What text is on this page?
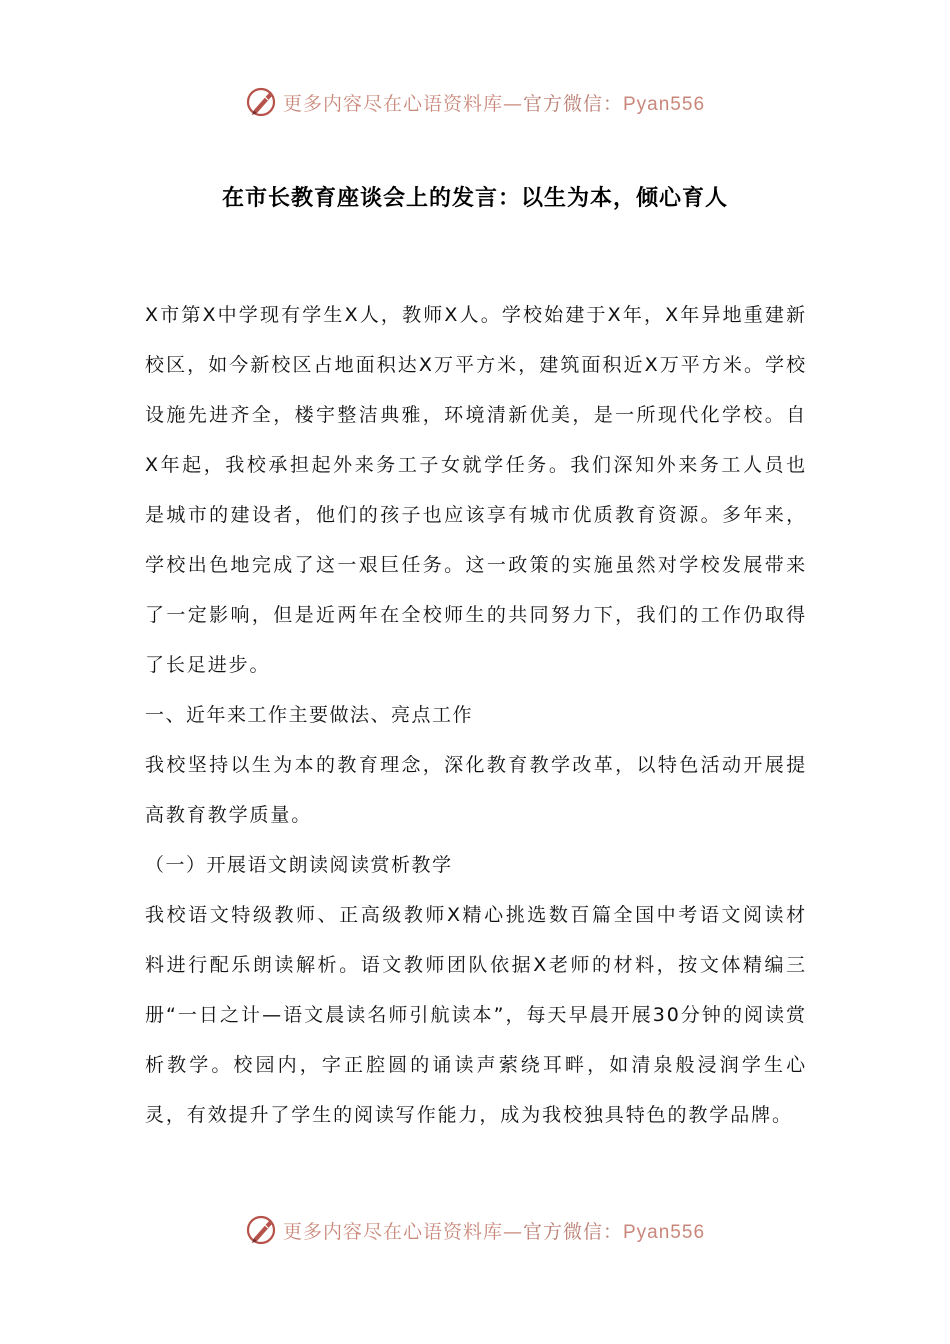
更多内容尽在心语资料库—官方微信：Pyan556
在市长教育座谈会上的发言：以生为本，倾心育人

X市第X中学现有学生X人，教师X人。学校始建于X年，X年异地重建新校区，如今新校区占地面积达X万平方米，建筑面积近X万平方米。学校设施先进齐全，楼宇整洁典雅，环境清新优美，是一所现代化学校。自X年起，我校承担起外来务工子女就学任务。我们深知外来务工人员也是城市的建设者，他们的孩子也应该享有城市优质教育资源。多年来，学校出色地完成了这一艰巨任务。这一政策的实施虽然对学校发展带来了一定影响，但是近两年在全校师生的共同努力下，我们的工作仍取得了长足进步。

一、近年来工作主要做法、亮点工作

我校坚持以生为本的教育理念，深化教育教学改革，以特色活动开展提高教育教学质量。

（一）开展语文朗读阅读赏析教学

我校语文特级教师、正高级教师X精心挑选数百篇全国中考语文阅读材料进行配乐朗读解析。语文教师团队依据X老师的材料，按文体精编三册“一日之计—语文晨读名师引航读本”，每天早晨开展30分钟的阅读赏析教学。校园内，字正腔圆的诵读声萦绕耳畔，如清泉般浸润学生心灵，有效提升了学生的阅读写作能力，成为我校独具特色的教学品牌。

更多内容尽在心语资料库—官方微信：Pyan556
